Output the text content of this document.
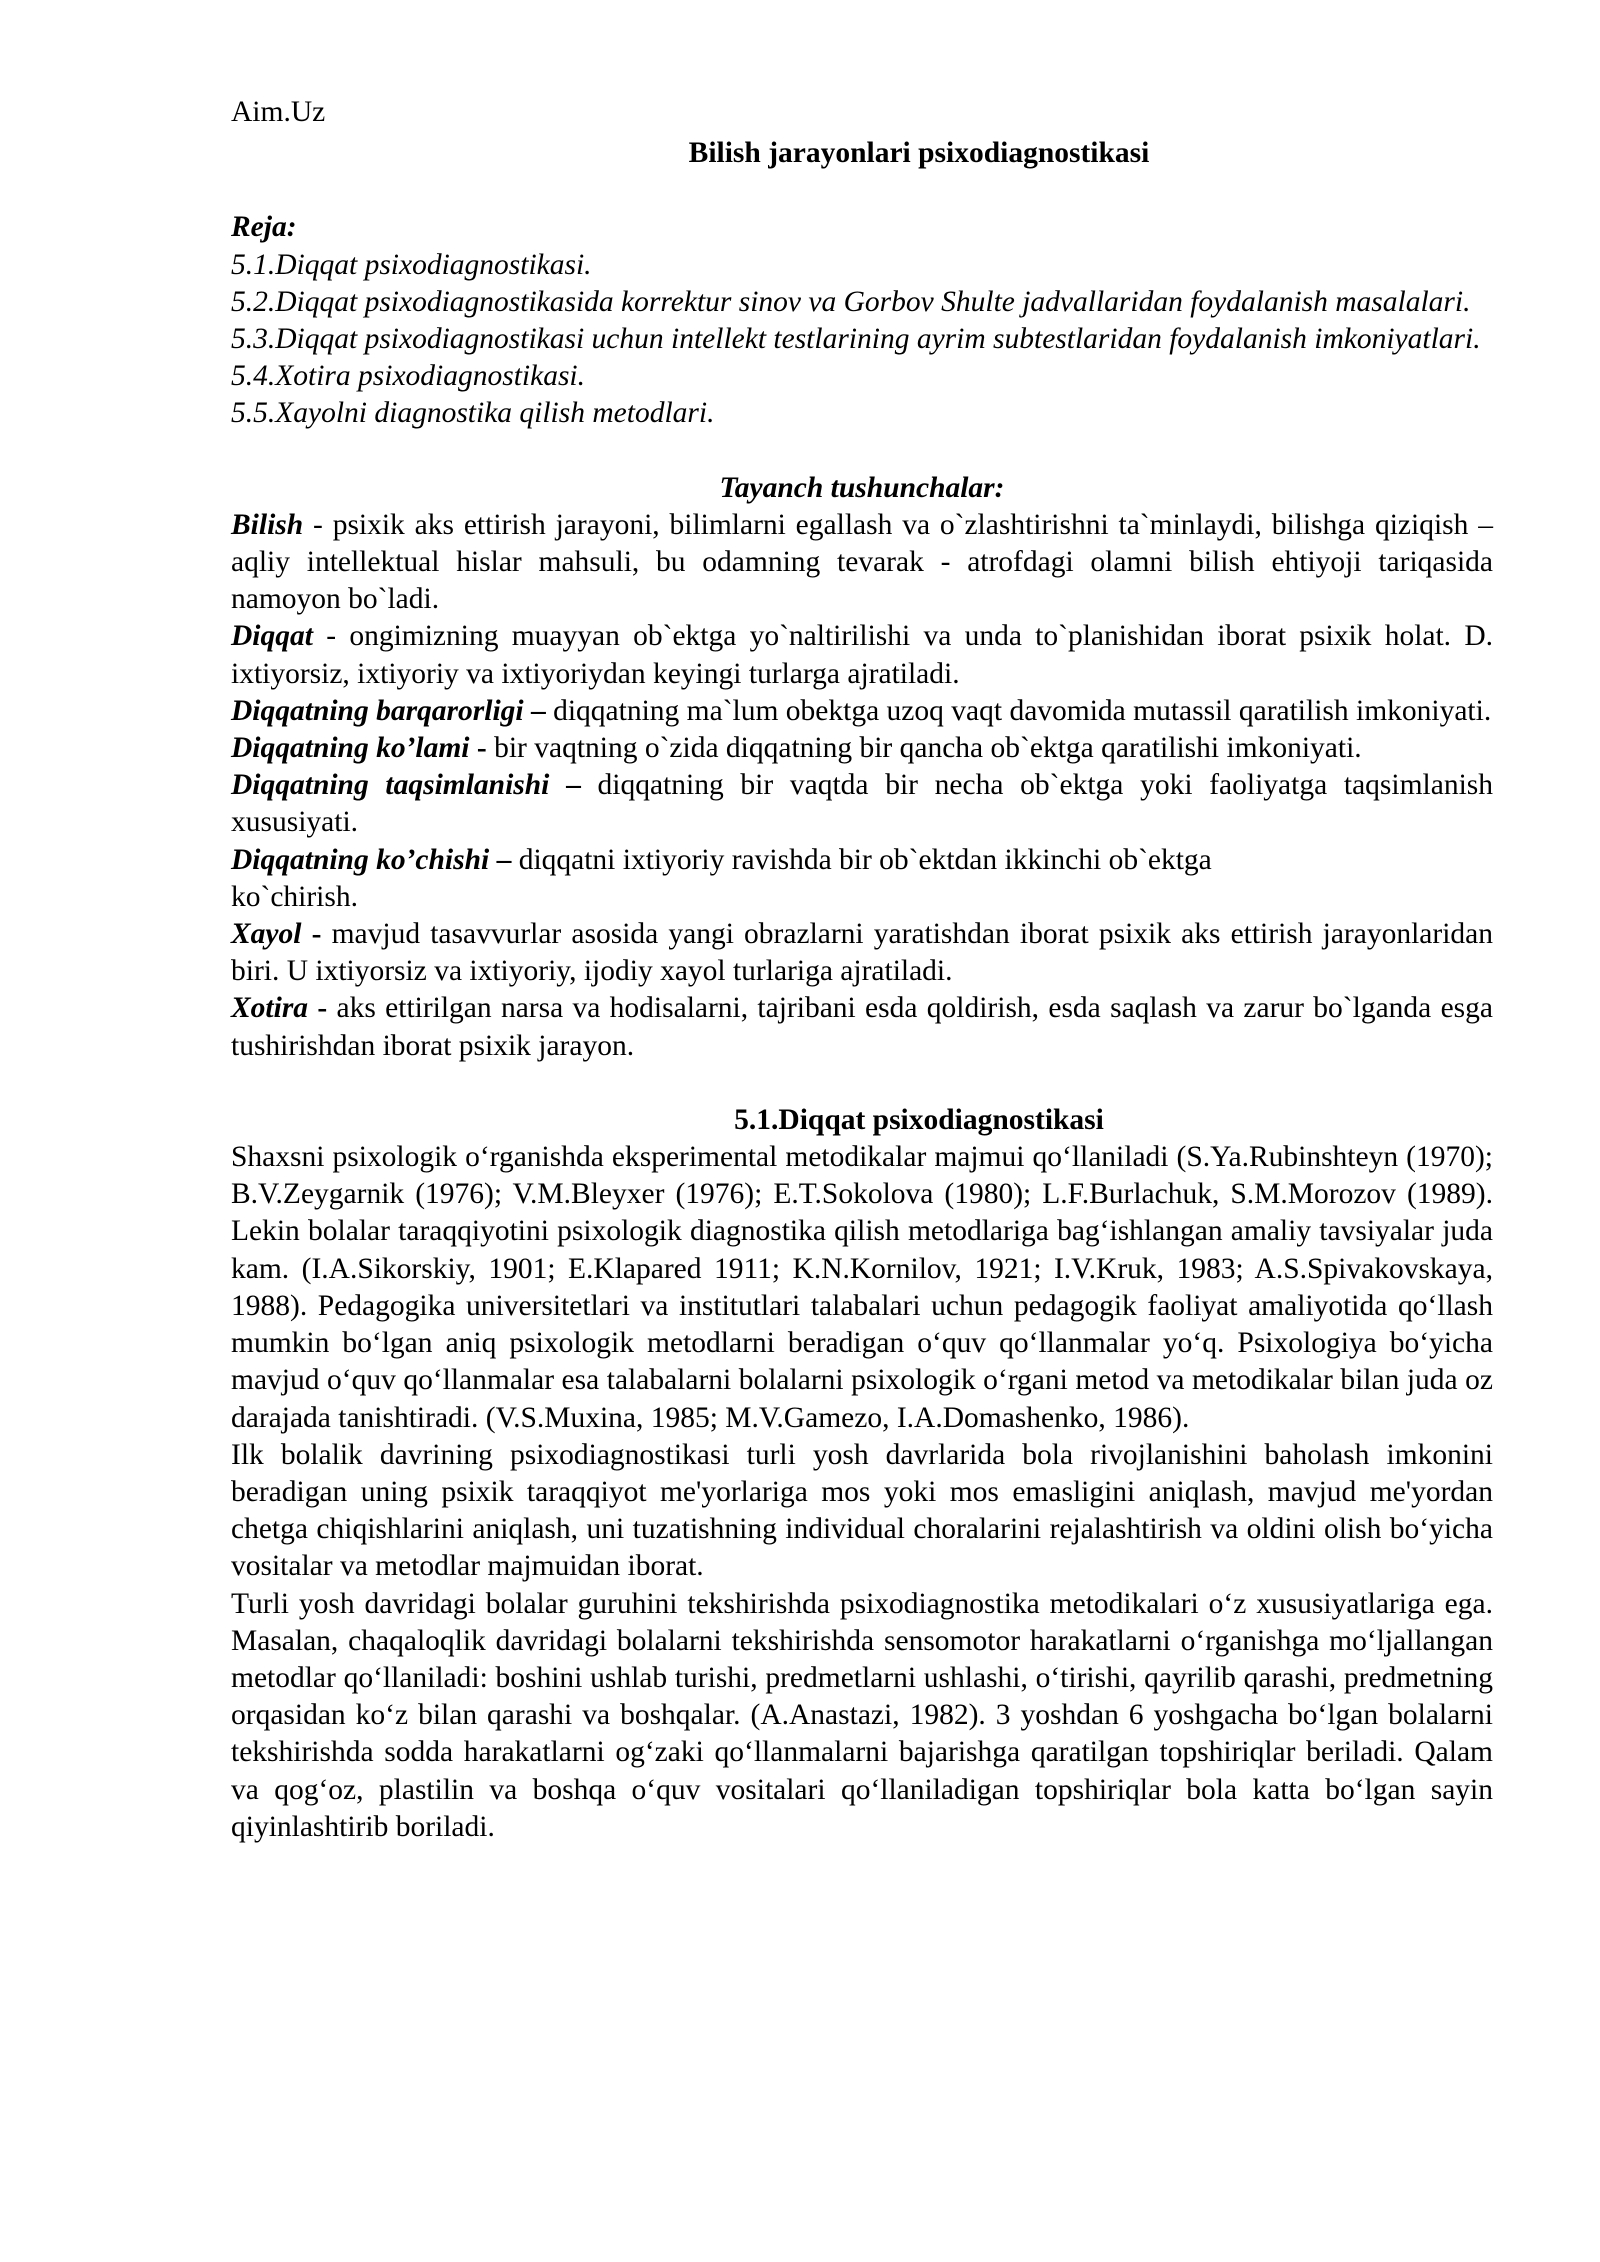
Aim.Uz
Bilish jarayonlari psixodiagnostikasi
Reja:
5.1.Diqqat psixodiagnostikasi.
5.2.Diqqat psixodiagnostikasida korrektur sinov va Gorbov Shulte jadvallaridan foydalanish masalalari.
5.3.Diqqat psixodiagnostikasi uchun intellekt testlarining ayrim subtestlaridan foydalanish imkoniyatlari.
5.4.Xotira psixodiagnostikasi.
5.5.Xayolni diagnostika qilish metodlari.
Tayanch tushunchalar:
Bilish - psixik aks ettirish jarayoni, bilimlarni egallash va o`zlashtirishni ta`minlaydi, bilishga qiziqish – aqliy intellektual hislar mahsuli, bu odamning tevarak - atrofdagi olamni bilish ehtiyoji tariqasida namoyon bo`ladi.
Diqqat - ongimizning muayyan ob`ektga yo`naltirilishi va unda to`planishidan iborat psixik holat. D. ixtiyorsiz, ixtiyoriy va ixtiyoriydan keyingi turlarga ajratiladi.
Diqqatning barqarorligi – diqqatning ma`lum obektga uzoq vaqt davomida mutassil qaratilish imkoniyati.
Diqqatning ko’lami - bir vaqtning o`zida diqqatning bir qancha ob`ektga qaratilishi imkoniyati.
Diqqatning taqsimlanishi – diqqatning bir vaqtda bir necha ob`ektga yoki faoliyatga taqsimlanish xususiyati.
Diqqatning ko’chishi – diqqatni ixtiyoriy ravishda bir ob`ektdan ikkinchi ob`ektga
ko`chirish.
Xayol - mavjud tasavvurlar asosida yangi obrazlarni yaratishdan iborat psixik aks ettirish jarayonlaridan biri. U ixtiyorsiz va ixtiyoriy, ijodiy xayol turlariga ajratiladi.
Xotira - aks ettirilgan narsa va hodisalarni, tajribani esda qoldirish, esda saqlash va zarur bo`lganda esga tushirishdan iborat psixik jarayon.
5.1.Diqqat psixodiagnostikasi
Shaxsni psixologik oʻrganishda eksperimental metodikalar majmui qoʻllaniladi (S.Ya.Rubinshteyn (1970); B.V.Zeygarnik (1976); V.M.Bleyxer (1976); E.T.Sokolova (1980); L.F.Burlachuk, S.M.Morozov (1989). Lekin bolalar taraqqiyotini psixologik diagnostika qilish metodlariga bagʻishlangan amaliy tavsiyalar juda kam. (I.A.Sikorskiy, 1901; E.Klapared 1911; K.N.Kornilov, 1921; I.V.Kruk, 1983; A.S.Spivakovskaya, 1988). Pedagogika universitetlari va institutlari talabalari uchun pedagogik faoliyat amaliyotida qoʻllash mumkin boʻlgan aniq psixologik metodlarni beradigan oʻquv qoʻllanmalar yoʻq. Psixologiya boʻyicha mavjud oʻquv qoʻllanmalar esa talabalarni bolalarni psixologik oʻrgani metod va metodikalar bilan juda oz darajada tanishtiradi. (V.S.Muxina, 1985; M.V.Gamezo, I.A.Domashenko, 1986).
Ilk bolalik davrining psixodiagnostikasi turli yosh davrlarida bola rivojlanishini baholash imkonini beradigan uning psixik taraqqiyot me'yorlariga mos yoki mos emasligini aniqlash, mavjud me'yordan chetga chiqishlarini aniqlash, uni tuzatishning individual choralarini rejalashtirish va oldini olish boʻyicha vositalar va metodlar majmuidan iborat.
Turli yosh davridagi bolalar guruhini tekshirishda psixodiagnostika metodikalari oʻz xususiyatlariga ega. Masalan, chaqaloqlik davridagi bolalarni tekshirishda sensomotor harakatlarni oʻrganishga moʻljallangan metodlar qoʻllaniladi: boshini ushlab turishi, predmetlarni ushlashi, oʻtirishi, qayrilib qarashi, predmetning orqasidan koʻz bilan qarashi va boshqalar. (A.Anastazi, 1982). 3 yoshdan 6 yoshgacha boʻlgan bolalarni tekshirishda sodda harakatlarni ogʻzaki qoʻllanmalarni bajarishga qaratilgan topshiriqlar beriladi. Qalam va qogʻoz, plastilin va boshqa oʻquv vositalari qoʻllaniladigan topshiriqlar bola katta boʻlgan sayin qiyinlashtirib boriladi.
